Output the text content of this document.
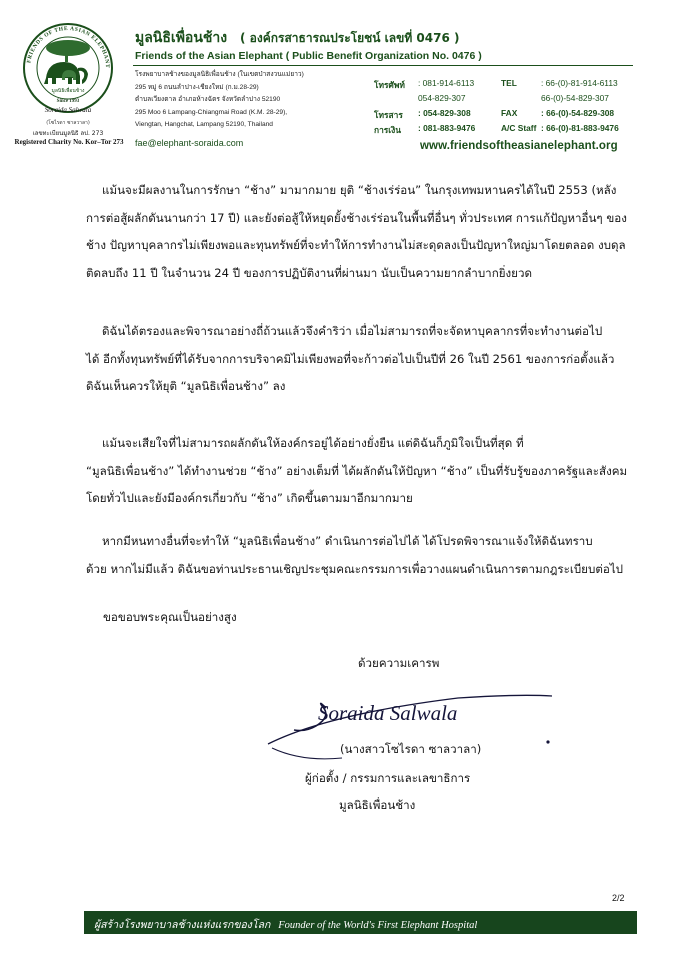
FRIENDS OF THE ASIAN ELEPHANT
มูลนิธิเพื่อนช้าง
Since 1993
Soraida Salwala
(โซไรดา ซาลวาลา)
เลขทะเบียนมูลนิธิ ลป. 273
Registered Charity No. Kor–Tor 273
มูลนิธิเพื่อนช้าง ( องค์กรสาธารณประโยชน์ เลขที่ 0476 )
Friends of the Asian Elephant ( Public Benefit Organization No. 0476 )
โรงพยาบาลช้างของมูลนิธิเพื่อนช้าง (ในเขตป่าสงวนแม่ยาว)
295 หมู่ 6 ถนนลำปาง-เชียงใหม่ (ก.ม.28-29)
ตำบลเวียงตาล อำเภอห้างฉัตร จังหวัดลำปาง 52190
295 Moo 6 Lampang-Chiangmai Road (K.M. 28-29),
Viengtan, Hangchat, Lampang 52190, Thailand
fae@elephant-soraida.com
โทรศัพท์ : 081-914-6113	TEL	: 66-(0)-81-914-6113
054-829-307	66-(0)-54-829-307
โทรสาร : 054-829-308	FAX	: 66-(0)-54-829-308
การเงิน : 081-883-9476	A/C Staff : 66-(0)-81-883-9476
www.friendsoftheasianelephant.org
แม้นจะมีผลงานในการรักษา “ช้าง” มามากมาย ยุติ “ช้างเร่ร่อน” ในกรุงเทพมหานครได้ในปี 2553 (หลัง
การต่อสู้ผลักดันนานกว่า 17 ปี) และยังต่อสู้ให้หยุดยั้งช้างเร่ร่อนในพื้นที่อื่นๆ ทั่วประเทศ การแก้ปัญหาอื่นๆ ของ
ช้าง ปัญหาบุคลากรไม่เพียงพอและทุนทรัพย์ที่จะทำให้การทำงานไม่สะดุดลงเป็นปัญหาใหญ่มาโดยตลอด งบดุล
ติดลบถึง 11 ปี ในจำนวน 24 ปี ของการปฏิบัติงานที่ผ่านมา นับเป็นความยากลำบากยิ่งยวด
ดิฉันได้ตรองและพิจารณาอย่างถี่ถ้วนแล้วจึงคำริว่า เมื่อไม่สามารถที่จะจัดหาบุคลากรที่จะทำงานต่อไป
ได้ อีกทั้งทุนทรัพย์ที่ได้รับจากการบริจาคมิไม่เพียงพอที่จะก้าวต่อไปเป็นปีที่ 26 ในปี 2561 ของการก่อตั้งแล้ว
ดิฉันเห็นควรให้ยุติ “มูลนิธิเพื่อนช้าง” ลง
แม้นจะเสียใจที่ไม่สามารถผลักดันให้องค์กรอยู่ได้อย่างยั่งยืน แต่ดิฉันก็ภูมิใจเป็นที่สุด ที่
“มูลนิธิเพื่อนช้าง” ได้ทำงานช่วย “ช้าง” อย่างเต็มที่ ได้ผลักดันให้ปัญหา “ช้าง” เป็นที่รับรู้ของภาครัฐและสังคม
โดยทั่วไปและยังมีองค์กรเกี่ยวกับ “ช้าง” เกิดขึ้นตามมาอีกมากมาย
หากมีหนทางอื่นที่จะทำให้ “มูลนิธิเพื่อนช้าง” ดำเนินการต่อไปได้ ได้โปรดพิจารณาแจ้งให้ดิฉันทราบ
ด้วย หากไม่มีแล้ว ดิฉันขอท่านประธานเชิญประชุมคณะกรรมการเพื่อวางแผนดำเนินการตามกฎระเบียบต่อไป
ขอขอบพระคุณเป็นอย่างสูง
ด้วยความเคารพ
Soraida Salwala
(นางสาวโซไรดา ซาลวาลา)
ผู้ก่อตั้ง / กรรมการและเลขาธิการ
มูลนิธิเพื่อนช้าง
2/2
ผู้สร้างโรงพยาบาลช้างแห่งแรกของโลก Founder of the World's First Elephant Hospital
